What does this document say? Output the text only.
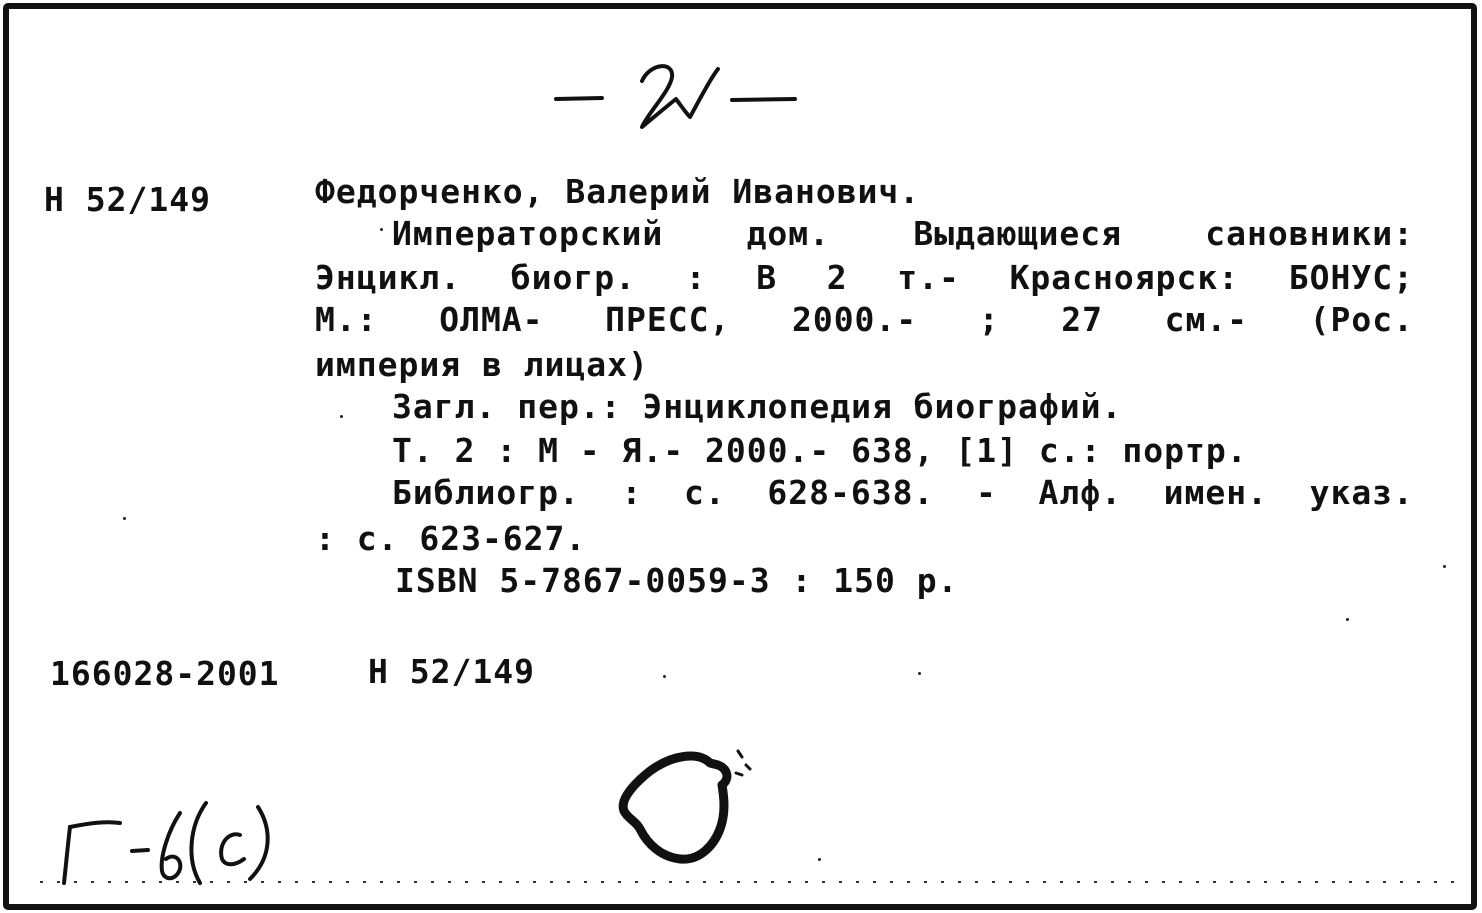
Н 52/149	Федорченко, Валерий Иванович.
Императорский	дом.	Выдающиеся	сановники:
Энцикл. биогр. : В 2 т.- Красноярск: БОНУС;
М.: ОЛМА- ПРЕСС, 2000.- ; 27 см.- (Рос.
империя в лицах)
Загл. пер.: Энциклопедия биографий.
Т. 2 : М - Я.- 2000.- 638, [1] с.: портр.
Библиогр. : с. 628-638. - Алф. имен. указ.
: с. 623-627.
ISBN 5-7867-0059-3 : 150 р.
166028-2001	Н 52/149
